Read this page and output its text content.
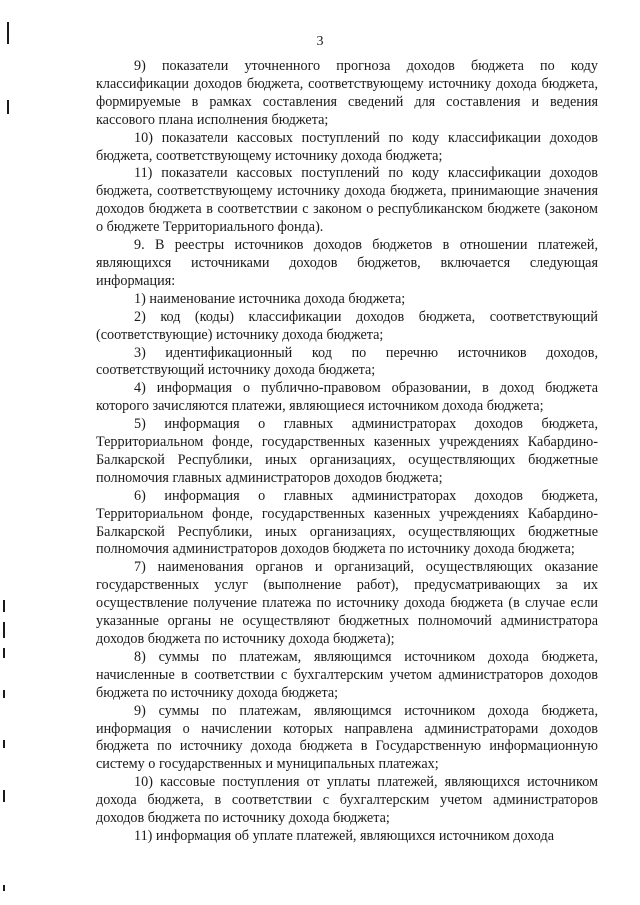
3

9) показатели уточненного прогноза доходов бюджета по коду классификации доходов бюджета, соответствующему источнику дохода бюджета, формируемые в рамках составления сведений для составления и ведения кассового плана исполнения бюджета;

10) показатели кассовых поступлений по коду классификации доходов бюджета, соответствующему источнику дохода бюджета;

11) показатели кассовых поступлений по коду классификации доходов бюджета, соответствующему источнику дохода бюджета, принимающие значения доходов бюджета в соответствии с законом о республиканском бюджете (законом о бюджете Территориального фонда).

9. В реестры источников доходов бюджетов в отношении платежей, являющихся источниками доходов бюджетов, включается следующая информация:

1) наименование источника дохода бюджета;

2) код (коды) классификации доходов бюджета, соответствующий (соответствующие) источнику дохода бюджета;

3) идентификационный код по перечню источников доходов, соответствующий источнику дохода бюджета;

4) информация о публично-правовом образовании, в доход бюджета которого зачисляются платежи, являющиеся источником дохода бюджета;

5) информация о главных администраторах доходов бюджета, Территориальном фонде, государственных казенных учреждениях Кабардино-Балкарской Республики, иных организациях, осуществляющих бюджетные полномочия главных администраторов доходов бюджета;

6) информация о главных администраторах доходов бюджета, Территориальном фонде, государственных казенных учреждениях Кабардино-Балкарской Республики, иных организациях, осуществляющих бюджетные полномочия администраторов доходов бюджета по источнику дохода бюджета;

7) наименования органов и организаций, осуществляющих оказание государственных услуг (выполнение работ), предусматривающих за их осуществление получение платежа по источнику дохода бюджета (в случае если указанные органы не осуществляют бюджетных полномочий администратора доходов бюджета по источнику дохода бюджета);

8) суммы по платежам, являющимся источником дохода бюджета, начисленные в соответствии с бухгалтерским учетом администраторов доходов бюджета по источнику дохода бюджета;

9) суммы по платежам, являющимся источником дохода бюджета, информация о начислении которых направлена администраторами доходов бюджета по источнику дохода бюджета в Государственную информационную систему о государственных и муниципальных платежах;

10) кассовые поступления от уплаты платежей, являющихся источником дохода бюджета, в соответствии с бухгалтерским учетом администраторов доходов бюджета по источнику дохода бюджета;

11) информация об уплате платежей, являющихся источником дохода
